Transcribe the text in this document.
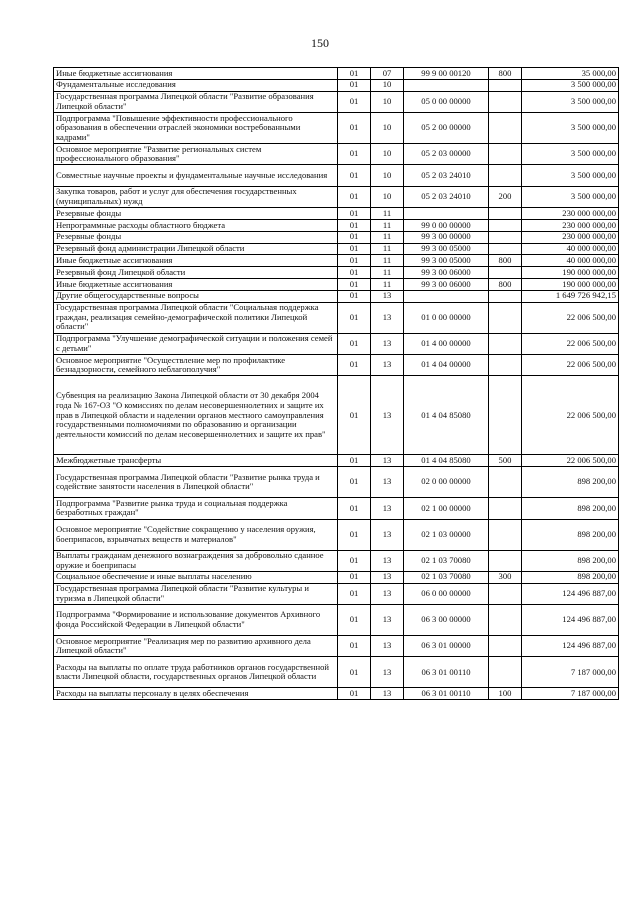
150
Иные бюджетные ассигнования	01	07	99 9 00 00120	800	35 000,00
Фундаментальные исследования	01	10			3 500 000,00
Государственная программа Липецкой области "Развитие образования Липецкой области"	01	10	05 0 00 00000		3 500 000,00
Подпрограмма "Повышение эффективности профессионального образования в обеспечении отраслей экономики востребованными кадрами"	01	10	05 2 00 00000		3 500 000,00
Основное мероприятие "Развитие региональных систем профессионального образования"	01	10	05 2 03 00000		3 500 000,00
Совместные научные проекты и фундаментальные научные исследования	01	10	05 2 03 24010		3 500 000,00
Закупка товаров, работ и услуг для обеспечения государственных (муниципальных) нужд	01	10	05 2 03 24010	200	3 500 000,00
Резервные фонды	01	11			230 000 000,00
Непрограммные расходы областного бюджета	01	11	99 0 00 00000		230 000 000,00
Резервные фонды	01	11	99 3 00 00000		230 000 000,00
Резервный фонд администрации Липецкой области	01	11	99 3 00 05000		40 000 000,00
Иные бюджетные ассигнования	01	11	99 3 00 05000	800	40 000 000,00
Резервный фонд Липецкой области	01	11	99 3 00 06000		190 000 000,00
Иные бюджетные ассигнования	01	11	99 3 00 06000	800	190 000 000,00
Другие общегосударственные вопросы	01	13			1 649 726 942,15
Государственная программа Липецкой области "Социальная поддержка граждан, реализация семейно-демографической политики Липецкой области"	01	13	01 0 00 00000		22 006 500,00
Подпрограмма "Улучшение демографической ситуации и положения семей с детьми"	01	13	01 4 00 00000		22 006 500,00
Основное мероприятие "Осуществление мер по профилактике безнадзорности, семейного неблагополучия"	01	13	01 4 04 00000		22 006 500,00
Субвенция на реализацию Закона Липецкой области от 30 декабря 2004 года № 167-ОЗ "О комиссиях по делам несовершеннолетних и защите их прав в Липецкой области и наделении органов местного самоуправления государственными полномочиями по образованию и организации деятельности комиссий по делам несовершеннолетних и защите их прав"	01	13	01 4 04 85080		22 006 500,00
Межбюджетные трансферты	01	13	01 4 04 85080	500	22 006 500,00
Государственная программа Липецкой области "Развитие рынка труда и содействие занятости населения в Липецкой области"	01	13	02 0 00 00000		898 200,00
Подпрограмма "Развитие рынка труда и социальная поддержка безработных граждан"	01	13	02 1 00 00000		898 200,00
Основное мероприятие "Содействие сокращению у населения оружия, боеприпасов, взрывчатых веществ и материалов"	01	13	02 1 03 00000		898 200,00
Выплаты гражданам денежного вознаграждения за добровольно сданное оружие и боеприпасы	01	13	02 1 03 70080		898 200,00
Социальное обеспечение и иные выплаты населению	01	13	02 1 03 70080	300	898 200,00
Государственная программа Липецкой области "Развитие культуры и туризма в Липецкой области"	01	13	06 0 00 00000		124 496 887,00
Подпрограмма "Формирование и использование документов Архивного фонда Российской Федерации в Липецкой области"	01	13	06 3 00 00000		124 496 887,00
Основное мероприятие "Реализация мер по развитию архивного дела Липецкой области"	01	13	06 3 01 00000		124 496 887,00
Расходы на выплаты по оплате труда работников органов государственной власти Липецкой области, государственных органов Липецкой области	01	13	06 3 01 00110		7 187 000,00
Расходы на выплаты персоналу в целях обеспечения	01	13	06 3 01 00110	100	7 187 000,00
